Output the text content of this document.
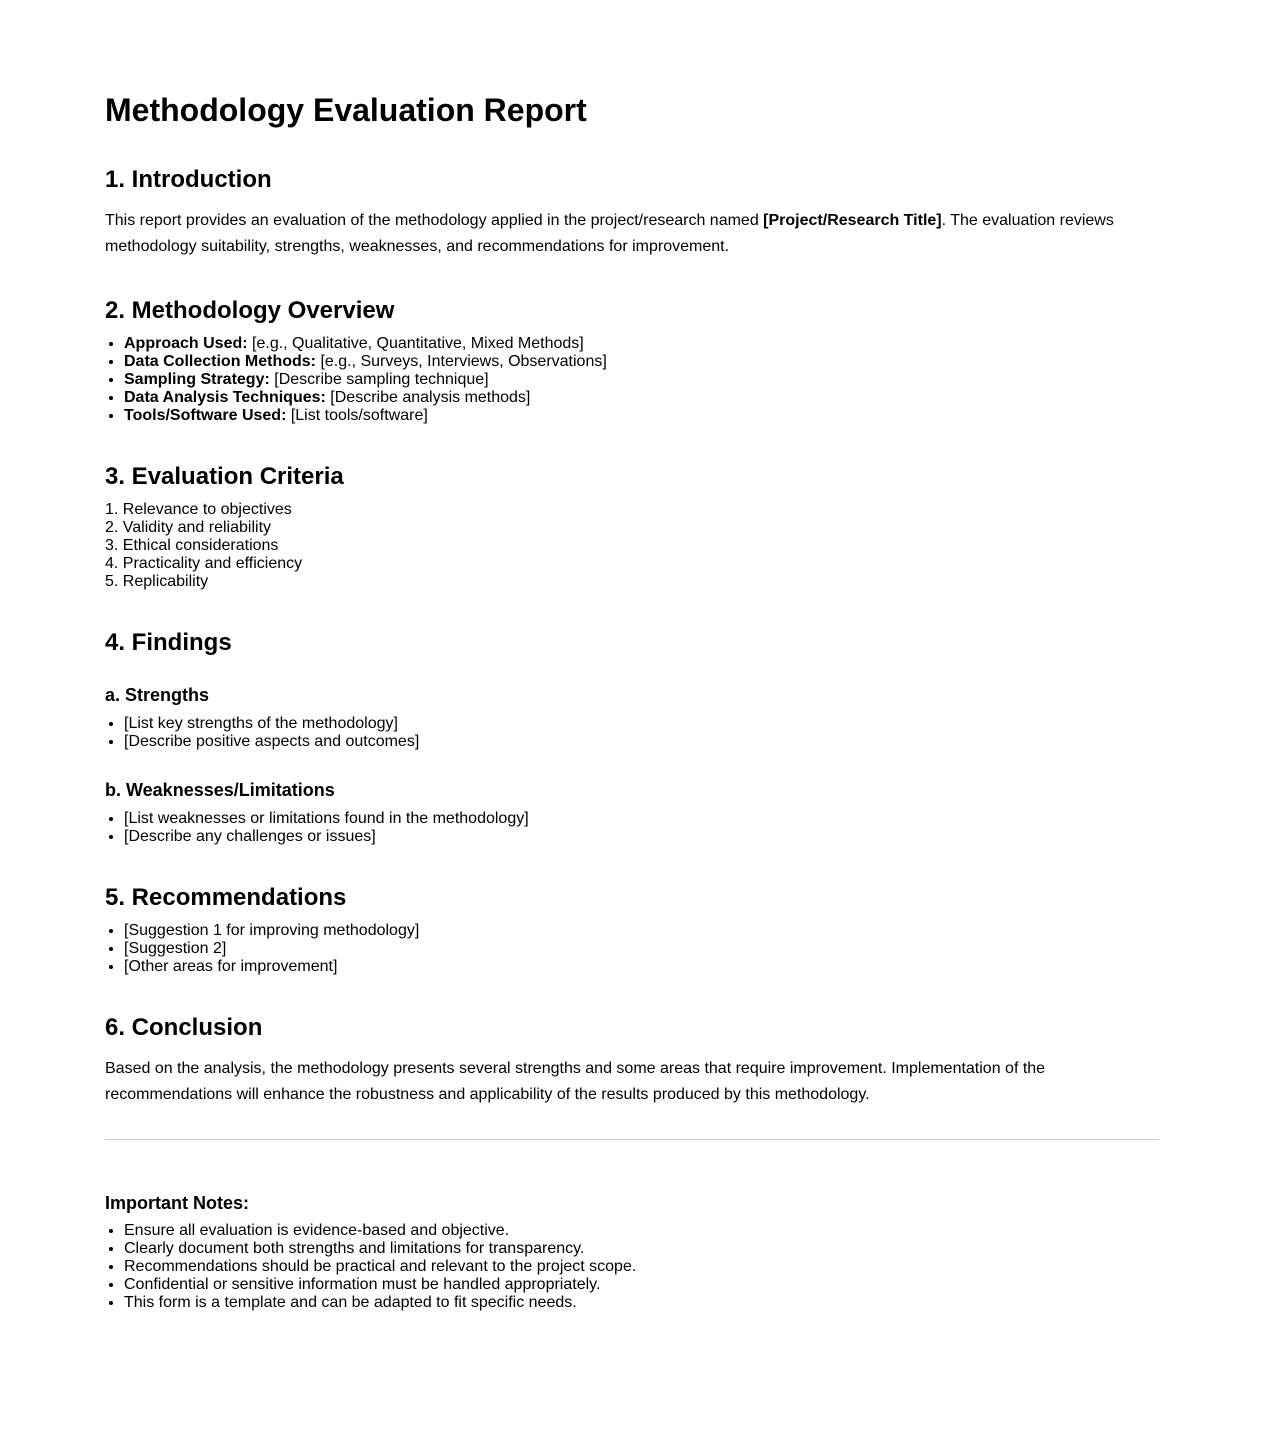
Methodology Evaluation Report
1. Introduction

This report provides an evaluation of the methodology applied in the project/research named [Project/Research Title]. The evaluation reviews methodology suitability, strengths, weaknesses, and recommendations for improvement.

2. Methodology Overview
• Approach Used: [e.g., Qualitative, Quantitative, Mixed Methods]
• Data Collection Methods: [e.g., Surveys, Interviews, Observations]
• Sampling Strategy: [Describe sampling technique]
• Data Analysis Techniques: [Describe analysis methods]
• Tools/Software Used: [List tools/software]
3. Evaluation Criteria
1. Relevance to objectives
2. Validity and reliability
3. Ethical considerations
4. Practicality and efficiency
5. Replicability
4. Findings
a. Strengths
• [List key strengths of the methodology]
• [Describe positive aspects and outcomes]
b. Weaknesses/Limitations
• [List weaknesses or limitations found in the methodology]
• [Describe any challenges or issues]
5. Recommendations
• [Suggestion 1 for improving methodology]
• [Suggestion 2]
• [Other areas for improvement]
6. Conclusion

Based on the analysis, the methodology presents several strengths and some areas that require improvement. Implementation of the recommendations will enhance the robustness and applicability of the results produced by this methodology.

Important Notes:
• Ensure all evaluation is evidence-based and objective.
• Clearly document both strengths and limitations for transparency.
• Recommendations should be practical and relevant to the project scope.
• Confidential or sensitive information must be handled appropriately.
• This form is a template and can be adapted to fit specific needs.
